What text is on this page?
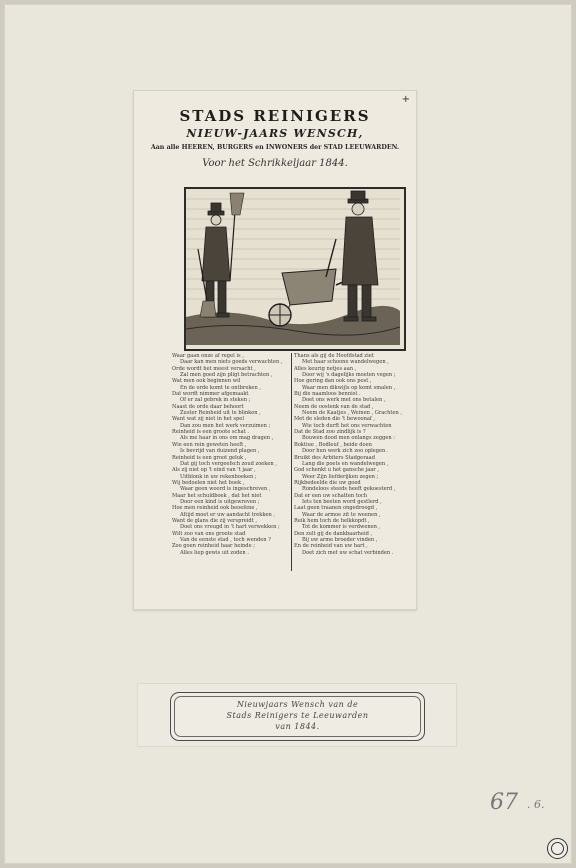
+
STADS REINIGERS
NIEUW-JAARS WENSCH,
Aan alle HEEREN, BURGERS en INWONERS der STAD LEEUWARDEN.
Voor het Schrikkeljaar 1844.
Waar gaan onze af regel is ,
Daar kan men niets goeds verwachten ,
Orde wordt het meest versacht ,
Zal men goed zijn pligt betrachten ,
Wat men ook beginnen wil
En de orde komt te ontbreken ,
Dat wordt nimmer afgemaakt
Of er zal gebrek in steken ;
Naast de orde daar behoort
Zuster Reinheid uit te blinken ,
Want wat zij niet in het spel
Dan zou men het werk verzuimen ;
Reinheid is een groote schat .
Als me haar in ons om mag dragen ,
Wie een rein geweten heeft ,
Is bevrijd van duizend plagen ,
Reinheid is een groot geluk ,
Dat gij toch vergeefsch zoud zoeken ,
Als zij niet op 't eind van 't jaar ,
Uitblonk in uw rekenboeken ;
Wij bedoelen niet het boek ,
Waar geen woord is ingeschreven ,
Maar het schuldboek , dat het niet
Door een kind is uitgewreven ;
Hoe men reinheid ook beoefene ,
Altijd moet er uw aandacht trekken ,
Want de glans die zij verspreidt ,
Doet ons vreugd in 't hart verwekken ;
Wilt zoo van ons groote stad
Van de eenste stad , toch wenden ?
Zoo goen reinheid haar heinde ;
Alles liep gewis uit zoden .
Thans als gij de Hoofdstad ziet
Met haar schoone wandelwegen ,
Alles keurig netjes aan ,
Door wij 's dagelijks moeten vegen ;
Hoe gering dan ook ons post ,
Waar men dikwijls op komt smalen ,
Bij die naamloos bennist .
Doet ons werk met ons betalen ,
Neem de oostenk van de stad ,
Neem de Kaatjes , Weinen , Grachten ,
Met de sleden die 't bewoonaf ,
Wie toch durft het ons verwachten
Dat de Stad zoo zindlijk is ?
Bouwen dood men onlangs zeggen :
Boktiue , Bodleuf , beide doen
Door hun werk zich zoo oplegen .
Bruikt des Arbiters Stadgeraad
Lang die poets en wandelwegen ,
God schenkt u het gansche jaar ,
Weer Zijn liefderijken zegen ;
Rijkbedeelde die uw goed
Rondeloos steeds heeft gekoesterd ,
Dat er een uw schatten toch
Iets ten beeten word gestlerd ,
Laat geen traanen ongedroogd ,
Waar de armoe zit te weenen ,
Reik hem toch de helkkopdt ,
Tot de kommer is verdwenen ,
Den zult gij de dankbaarheid ,
Bij uw arme broeder vinden ,
En de reinheid van uw hart ,
Doet zich met uw schat verbinden .
Nieuwjaars Wensch van de
Stads Reinigers te Leeuwarden
van 1844.
67 . 6.
